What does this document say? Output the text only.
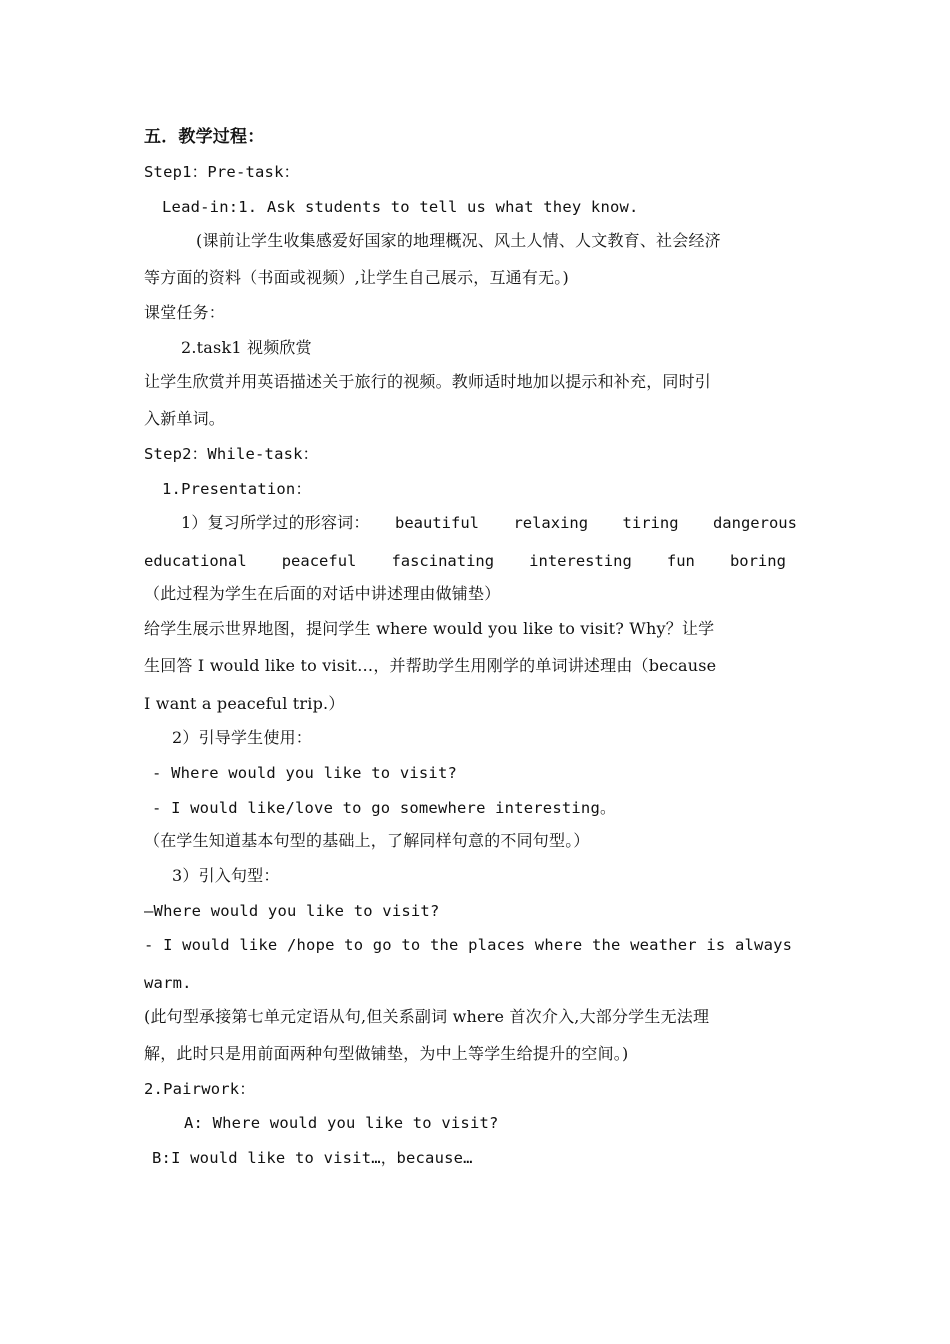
五．教学过程：
Step1：Pre-task：
Lead-in:1. Ask students to tell us what they know.
(课前让学生收集感爱好国家的地理概况、风土人情、人文教育、社会经济
等方面的资料（书面或视频）,让学生自己展示，互通有无。)
课堂任务：
2.task1 视频欣赏
让学生欣赏并用英语描述关于旅行的视频。教师适时地加以提示和补充，同时引
入新单词。
Step2：While-task：
1.Presentation：
1）复习所学过的形容词： beautiful relaxing tiring dangerous
educational peaceful fascinating interesting fun boring
（此过程为学生在后面的对话中讲述理由做铺垫）
给学生展示世界地图，提问学生 where would you like to visit? Why？让学
生回答 I would like to visit…，并帮助学生用刚学的单词讲述理由（because
I want a peaceful trip.）
2）引导学生使用：
- Where would you like to visit?
- I would like/love to go somewhere interesting。
（在学生知道基本句型的基础上，了解同样句意的不同句型。）
3）引入句型：
—Where would you like to visit?
- I would like /hope to go to the places where the weather is always
warm.
(此句型承接第七单元定语从句,但关系副词 where 首次介入,大部分学生无法理
解，此时只是用前面两种句型做铺垫，为中上等学生给提升的空间。)
2.Pairwork：
A: Where would you like to visit?
B:I would like to visit…，because…
